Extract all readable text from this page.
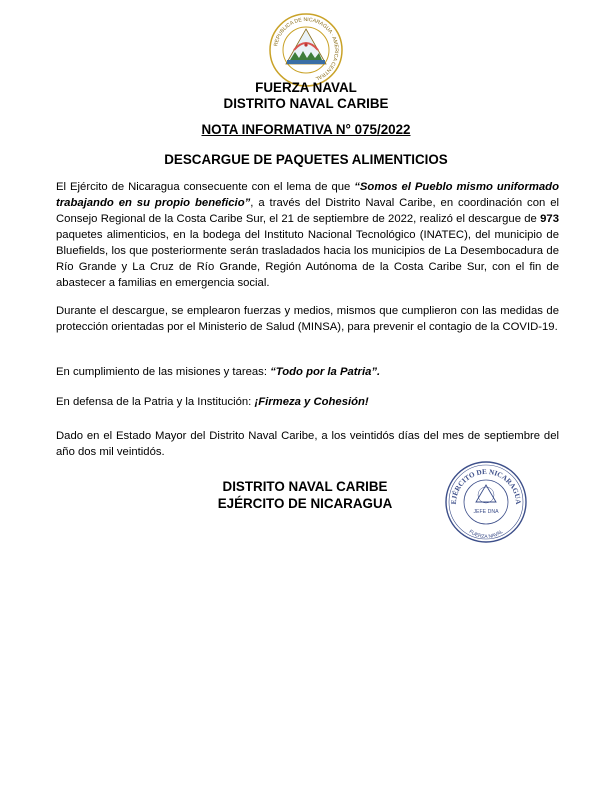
REPUBLICA DE NICARAGUA · AMERICA CENTRAL
FUERZA NAVAL
DISTRITO NAVAL CARIBE
NOTA INFORMATIVA N° 075/2022
DESCARGUE DE PAQUETES ALIMENTICIOS

El Ejército de Nicaragua consecuente con el lema de que “Somos el Pueblo mismo uniformado trabajando en su propio beneficio”, a través del Distrito Naval Caribe, en coordinación con el Consejo Regional de la Costa Caribe Sur, el 21 de septiembre de 2022, realizó el descargue de 973 paquetes alimenticios, en la bodega del Instituto Nacional Tecnológico (INATEC), del municipio de Bluefields, los que posteriormente serán trasladados hacia los municipios de La Desembocadura de Río Grande y La Cruz de Río Grande, Región Autónoma de la Costa Caribe Sur, con el fin de abastecer a familias en emergencia social.

Durante el descargue, se emplearon fuerzas y medios, mismos que cumplieron con las medidas de protección orientadas por el Ministerio de Salud (MINSA), para prevenir el contagio de la COVID-19.

En cumplimiento de las misiones y tareas: “Todo por la Patria”.

En defensa de la Patria y la Institución: ¡Firmeza y Cohesión!

Dado en el Estado Mayor del Distrito Naval Caribe, a los veintidós días del mes de septiembre del año dos mil veintidós.

DISTRITO NAVAL CARIBE
EJÉRCITO DE NICARAGUA	EJÉRCITO DE NICARAGUA
FUERZA NAVAL
JEFE DNA
